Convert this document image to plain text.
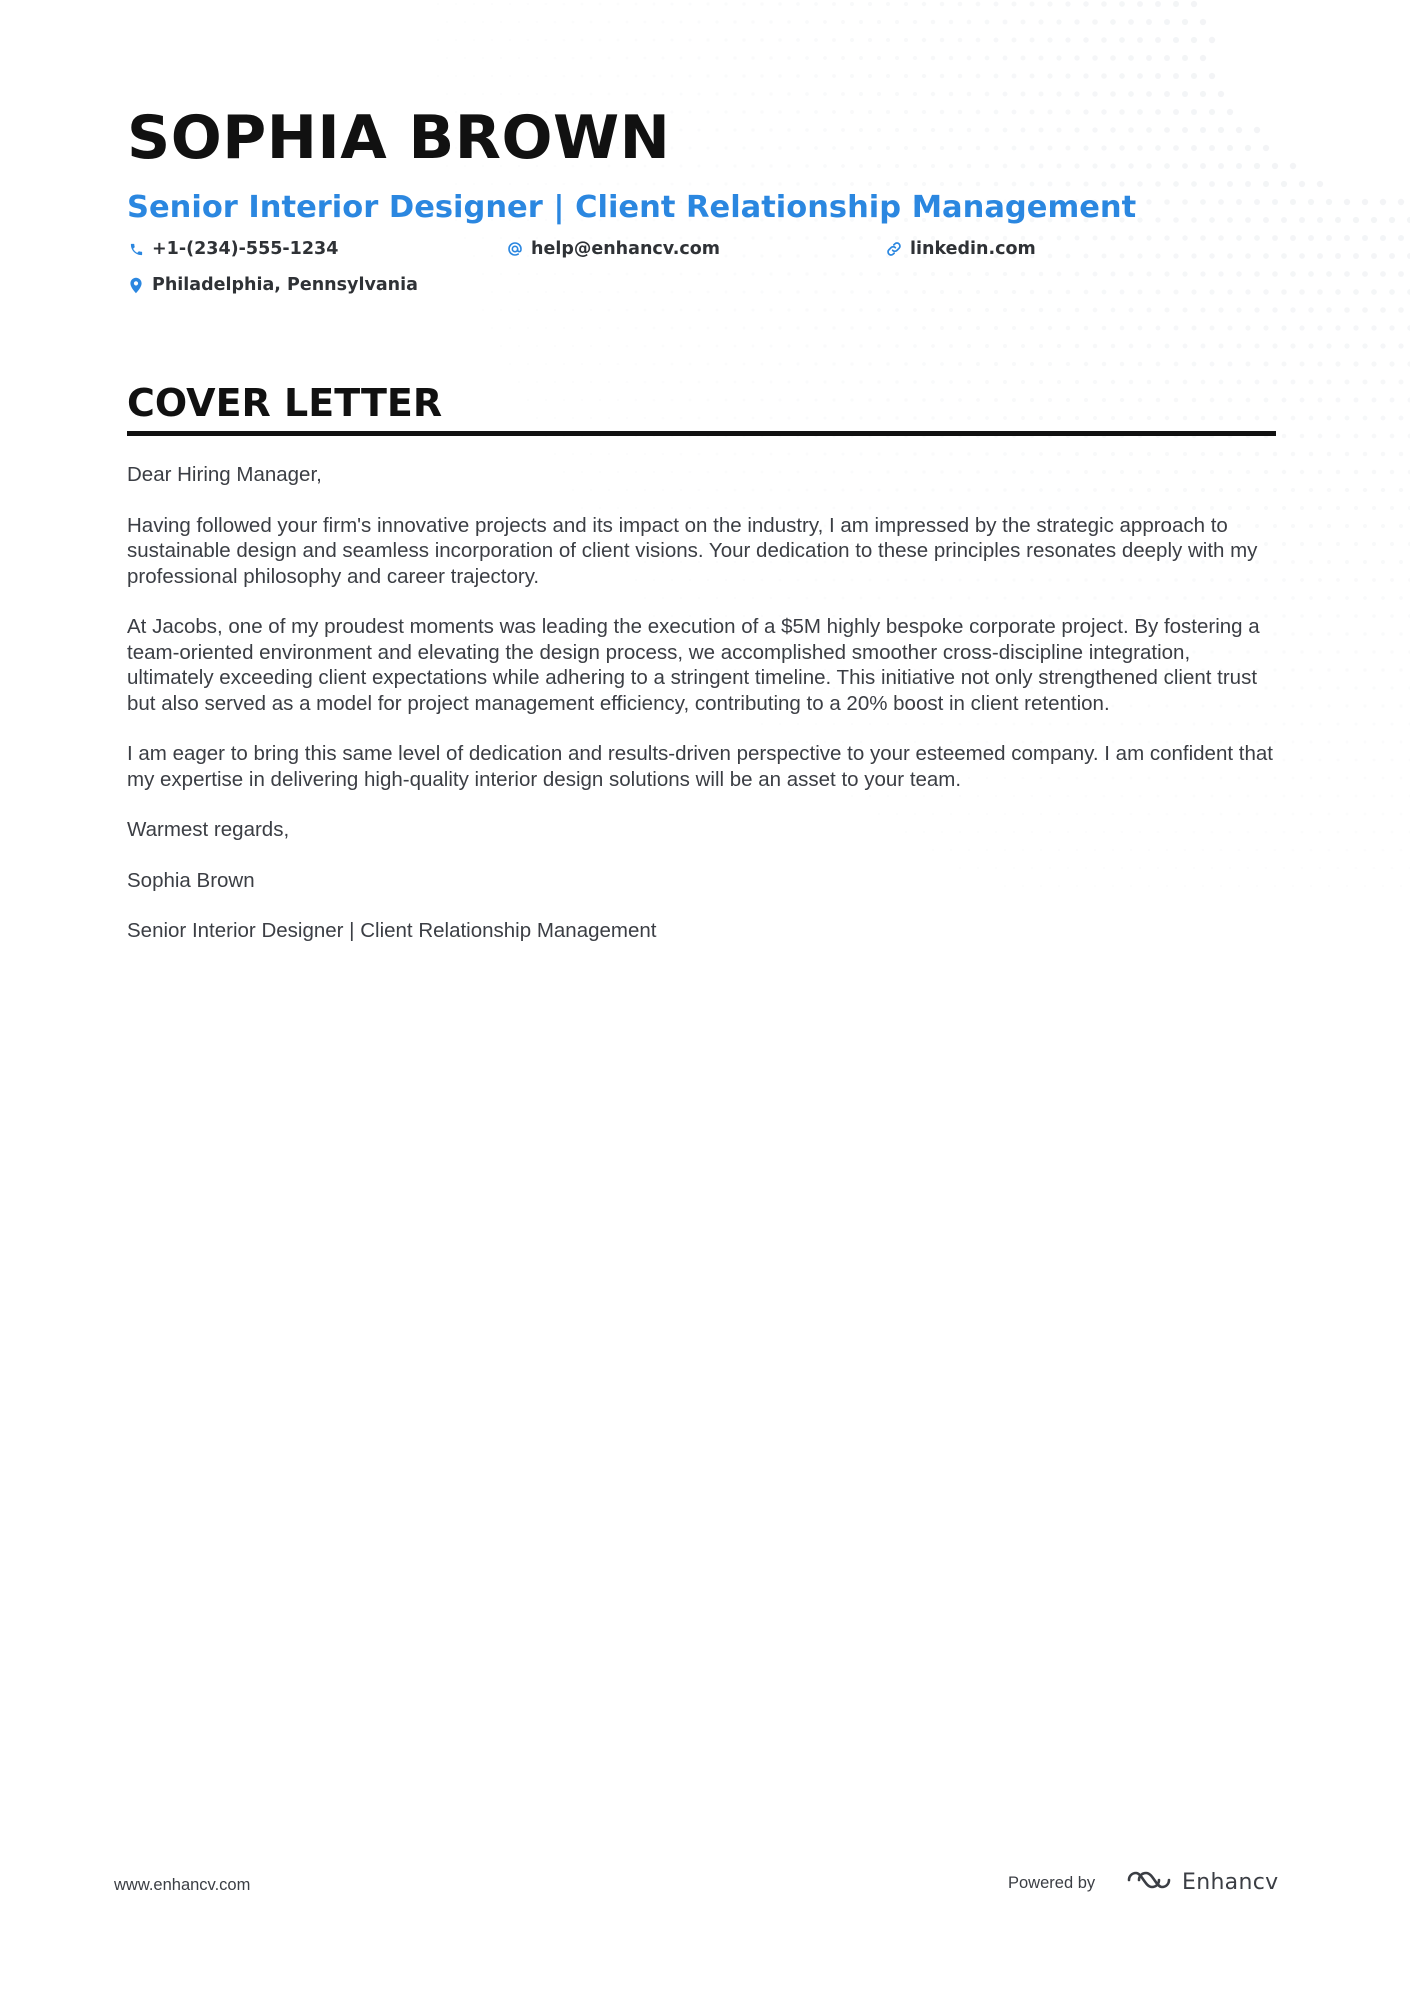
SOPHIA BROWN
Senior Interior Designer | Client Relationship Management
+1-(234)-555-1234	help@enhancv.com	linkedin.com
Philadelphia, Pennsylvania
COVER LETTER

Dear Hiring Manager,

Having followed your firm's innovative projects and its impact on the industry, I am impressed by the strategic approach to sustainable design and seamless incorporation of client visions. Your dedication to these principles resonates deeply with my professional philosophy and career trajectory.

At Jacobs, one of my proudest moments was leading the execution of a $5M highly bespoke corporate project. By fostering a team-oriented environment and elevating the design process, we accomplished smoother cross-discipline integration, ultimately exceeding client expectations while adhering to a stringent timeline. This initiative not only strengthened client trust but also served as a model for project management efficiency, contributing to a 20% boost in client retention.

I am eager to bring this same level of dedication and results-driven perspective to your esteemed company. I am confident that my expertise in delivering high-quality interior design solutions will be an asset to your team.

Warmest regards,

Sophia Brown

Senior Interior Designer | Client Relationship Management

www.enhancv.com	Powered by	Enhancv
